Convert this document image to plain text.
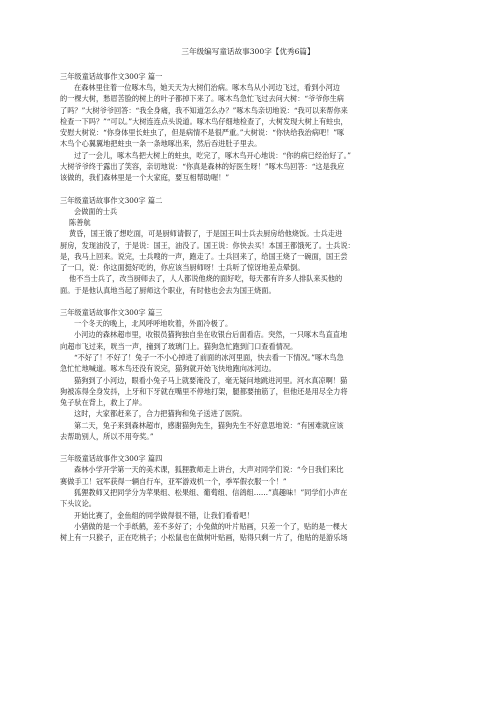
三年级编写童话故事300字【优秀6篇】
三年级童话故事作文300字 篇一
在森林里住着一位啄木鸟，她天天为大树们治病。啄木鸟从小河边飞过，看到小河边
的一棵大树，愁眉苦脸的树上的叶子都掉下来了。啄木鸟急忙飞过去问大树：“爷爷你生病
了吗？”大树爷爷回答：“我全身痛，我不知道怎么办？”啄木鸟亲切地说：“我可以来帮你来
检查一下吗？”“可以。”大树连连点头说道。啄木鸟仔细地检查了，大树发现大树上有蛀虫，
安慰大树说：“你身体里长蛀虫了，但是病情不是很严重。”大树说：“你快给我治病吧！”啄
木鸟个心翼翼地把蛀虫一条一条地啄出来，然后吞进肚子里去。
过了一会儿，啄木鸟把大树上的蛀虫，吃完了，啄木鸟开心地说：“你的病已经治好了。”
大树爷爷终于露出了笑容，亲切地说：“你真是森林的好医生呀！”啄木鸟回答：“这是我应
该做的，我们森林里是一个大家庭，要互相帮助喔！”
三年级童话故事作文300字 篇二
会做面的士兵
陈善航
黄昏，国王饿了想吃面，可是厨师请假了，于是国王叫士兵去厨房给他烧饭。士兵走进
厨房，发现油没了，于是说：国王，油没了。国王说：你快去买！本国王都饿死了。士兵说：
是，我马上回来。说完，士兵嗖的一声，跑走了。士兵回来了，给国王烧了一碗面，国王尝
了一口，说：你这面挺好吃的，你应该当厨师呀！士兵听了惊讶地差点晕倒。
他不当士兵了，改当厨师去了，人人都说他烧的面好吃，每天都有许多人排队来买他的
面。于是他认真地当起了厨师这个职业，有时他也会去为国王烧面。
三年级童话故事作文300字 篇三
一个冬天的晚上，北风呼呼地吹着，外面冷极了。
小河边的森林超市里，收银员猫狗独自坐在收银台后面看店。突然，一只啄木鸟直直地
向超市飞过来，咣当一声，撞到了玻璃门上。猫狗急忙跑到门口查看情况。
“不好了！不好了！兔子一不小心掉进了前面的冰河里面，快去看一下情况。”啄木鸟急
急忙忙地喊道。啄木鸟还没有说完，猫狗就开始飞快地跑向冰河边。
猫狗到了小河边，眼看小兔子马上就要淹没了，毫无疑问地跳进河里。河水真凉啊！猫
狗被冻得全身发抖，上牙和下牙就在嘴里不停地打架，腿都要抽筋了，但他还是用尽全力将
兔子驮在背上，救上了岸。
这时，大家都赶来了，合力把猫狗和兔子送进了医院。
第二天，兔子来到森林超市，感谢猫狗先生，猫狗先生不好意思地说：“有困难就应该
去帮助别人，所以不用夸奖。”
三年级童话故事作文300字 篇四
森林小学开学第一天的美术课，狐狸教师走上讲台，大声对同学们说：“今日我们来比
赛做手工！冠军获得一辆自行车，亚军游戏机一个，季军假衣服一个！”
狐狸教师又把同学分为苹果组、松果组、葡萄组、信鸽组……”真趣味！”同学们小声在
下头议论。
开始比赛了，金鱼组的同学做得很不错，让我们看看吧！
小猪做的是一个手纸鹤，差不多好了；小兔做的叶片贴画，只差一个了，贴的是一棵大
树上有一只猴子，正在吃桃子；小松鼠也在做树叶贴画，贴得只剩一片了，他贴的是游乐场
